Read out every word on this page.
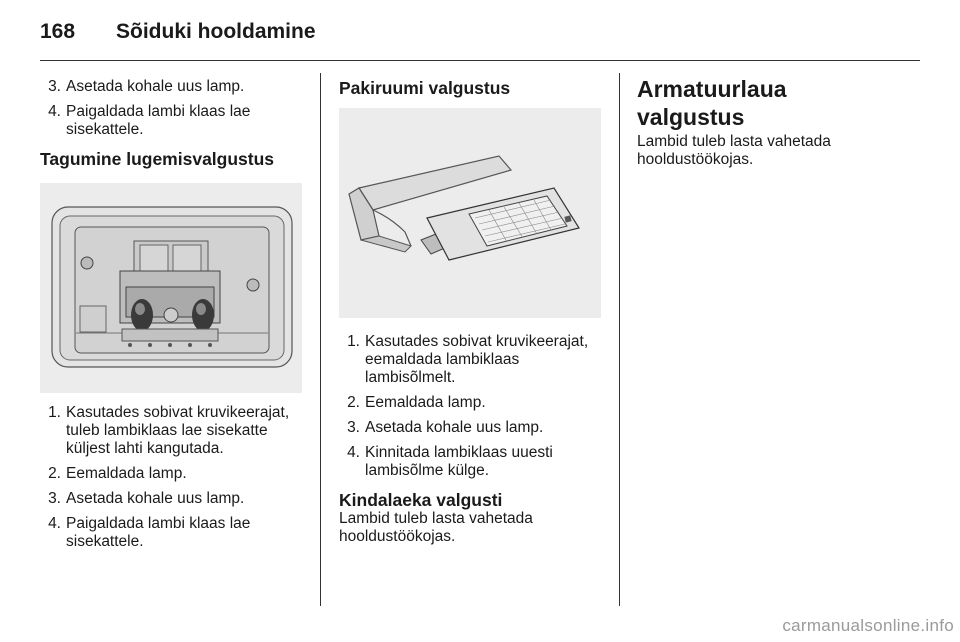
168	Sõiduki hooldamine
3. Asetada kohale uus lamp.
4. Paigaldada lambi klaas lae sisekattele.
Tagumine lugemisvalgustus
1. Kasutades sobivat kruvikeerajat, tuleb lambiklaas lae sisekatte küljest lahti kangutada.
2. Eemaldada lamp.
3. Asetada kohale uus lamp.
4. Paigaldada lambi klaas lae sisekattele.
Pakiruumi valgustus
1. Kasutades sobivat kruvikeerajat, eemaldada lambiklaas lambisõlmelt.
2. Eemaldada lamp.
3. Asetada kohale uus lamp.
4. Kinnitada lambiklaas uuesti lambisõlme külge.
Kindalaeka valgusti

Lambid tuleb lasta vahetada hooldustöökojas.

Armatuurlaua valgustus

Lambid tuleb lasta vahetada hooldustöökojas.

carmanualsonline.info
